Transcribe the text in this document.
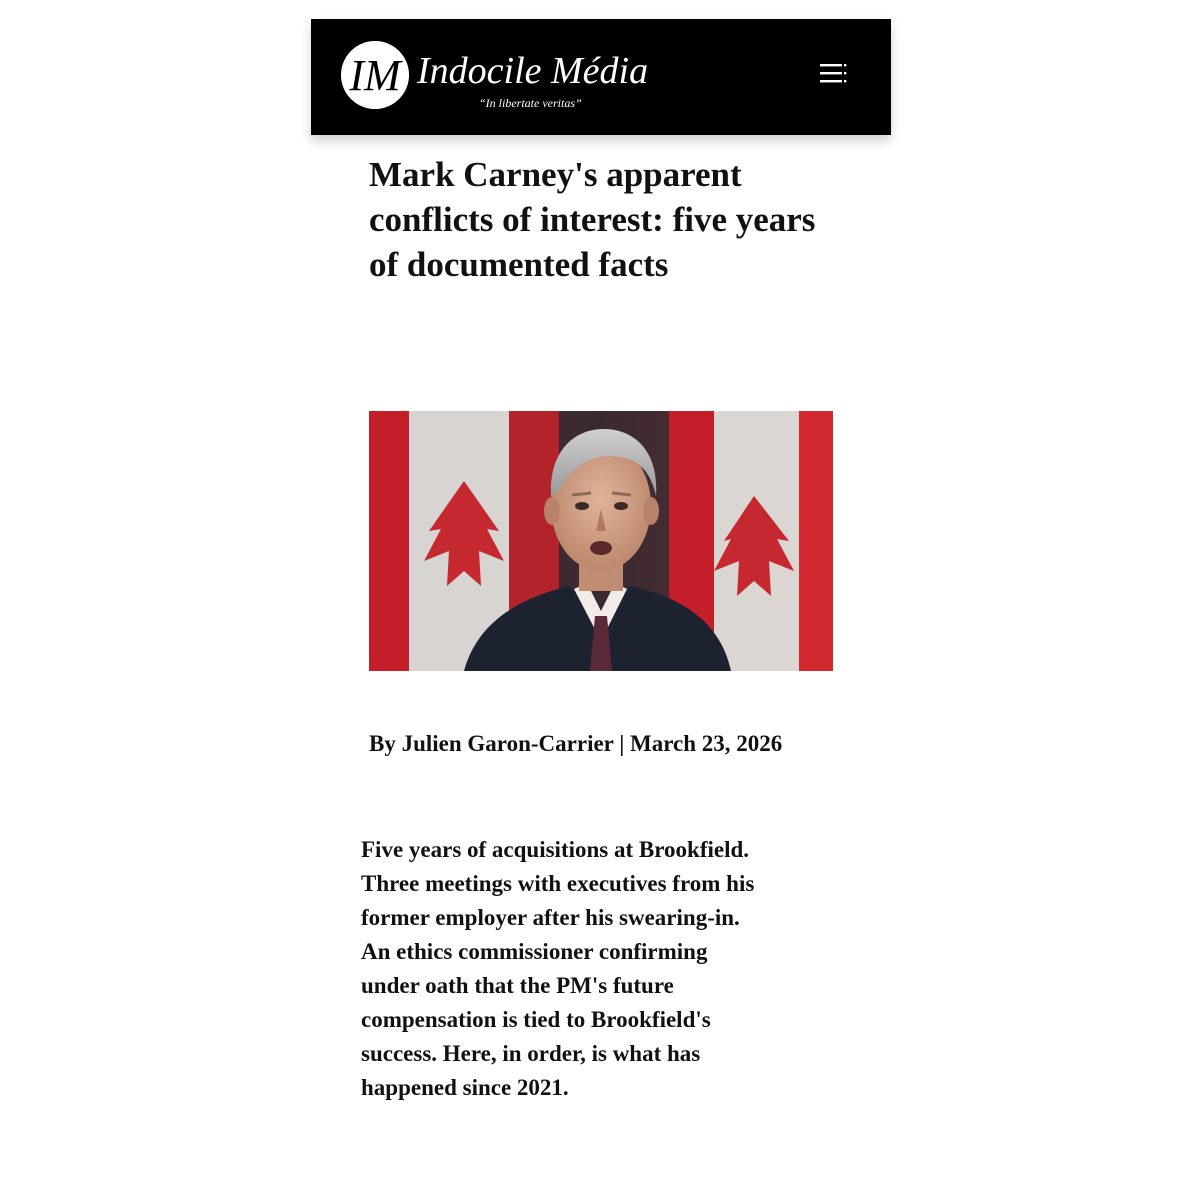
IM Indocile Média
“In libertate veritas”
Mark Carney's apparent conflicts of interest: five years of documented facts
By Julien Garon-Carrier | March 23, 2026

Five years of acquisitions at Brookfield.
Three meetings with executives from his
former employer after his swearing-in.
An ethics commissioner confirming
under oath that the PM's future
compensation is tied to Brookfield's
success. Here, in order, is what has
happened since 2021.
